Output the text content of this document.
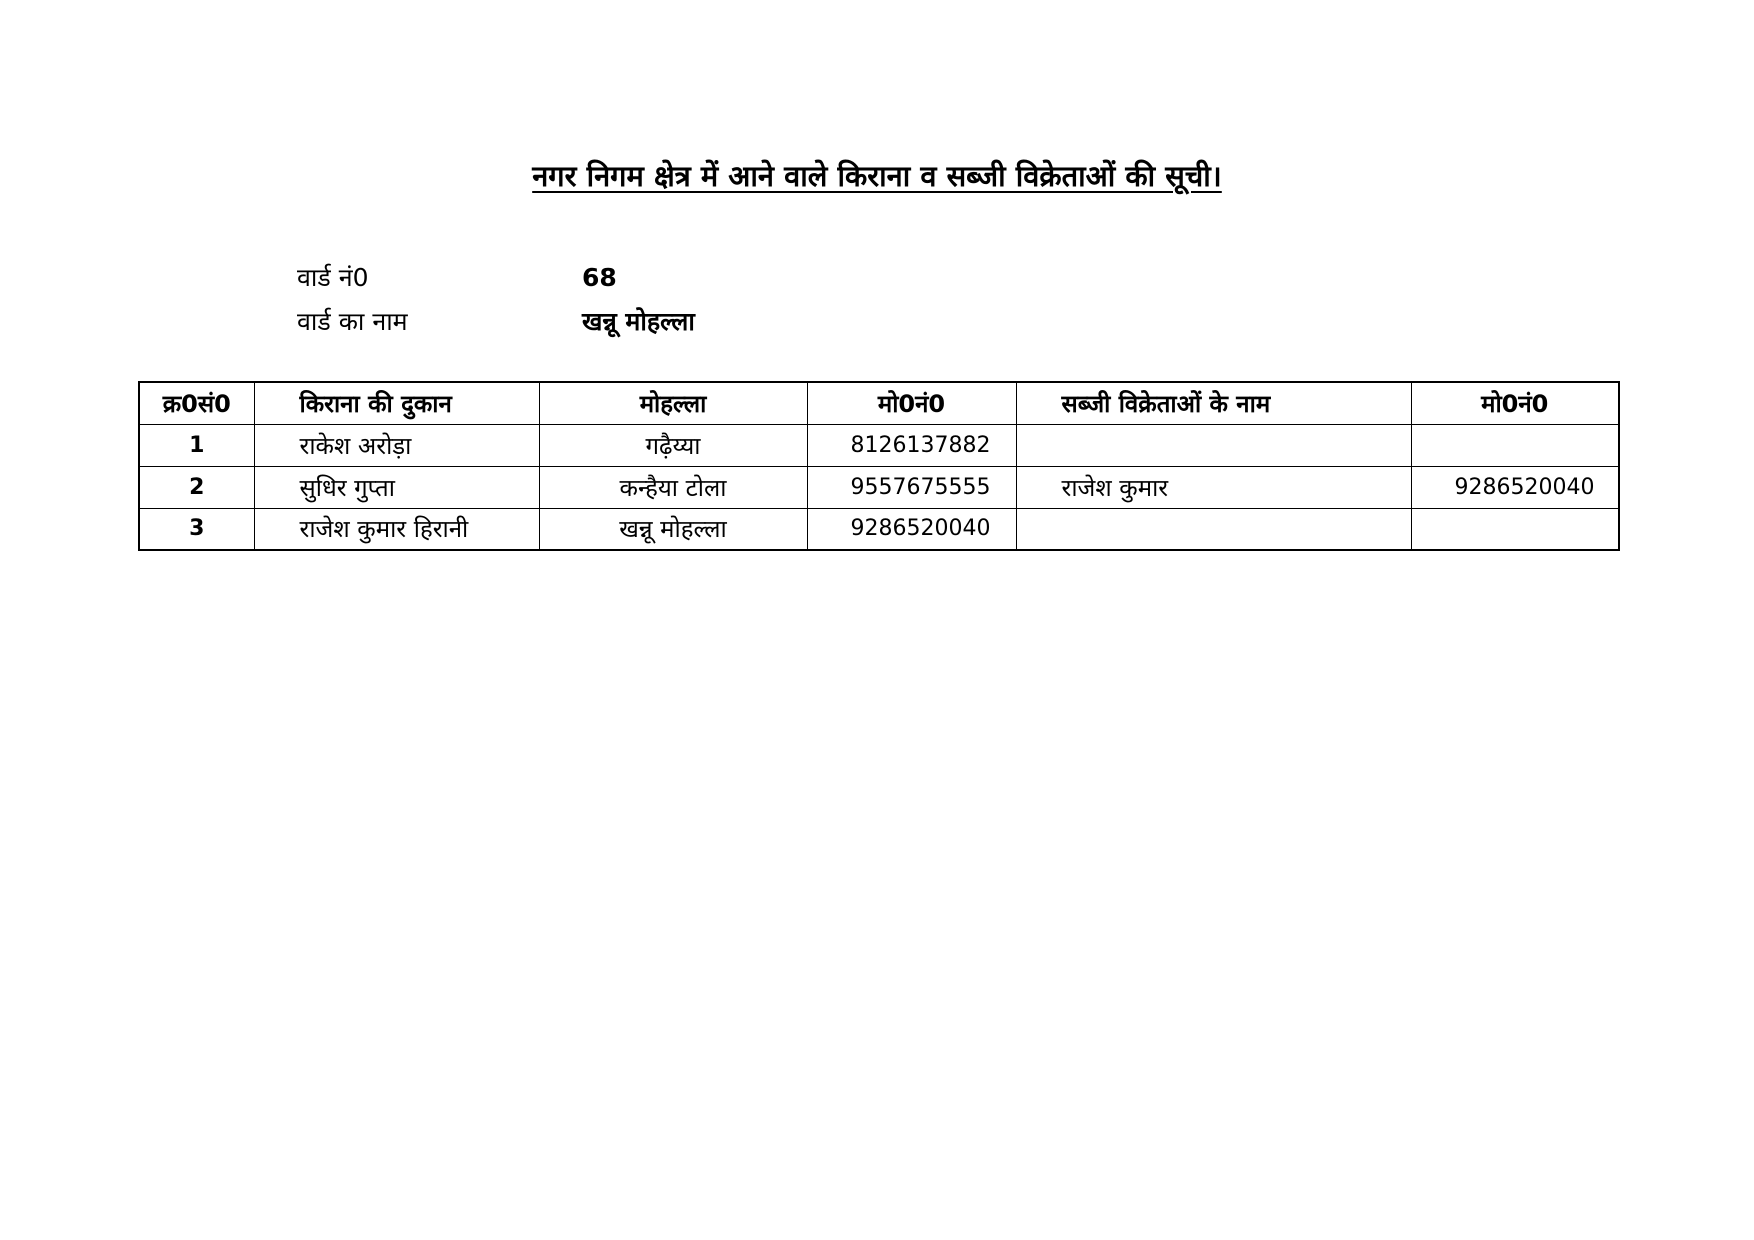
नगर निगम क्षेत्र में आने वाले किराना व सब्जी विक्रेताओं की सूची।
वार्ड नं0	68
वार्ड का नाम	खन्नू मोहल्ला
क्र0सं0	किराना की दुकान	मोहल्ला	मो0नं0	सब्जी विक्रेताओं के नाम	मो0नं0
1	राकेश अरोड़ा	गढ़ैय्या	8126137882		
2	सुधिर गुप्ता	कन्हैया टोला	9557675555	राजेश कुमार	9286520040
3	राजेश कुमार हिरानी	खन्नू मोहल्ला	9286520040		
